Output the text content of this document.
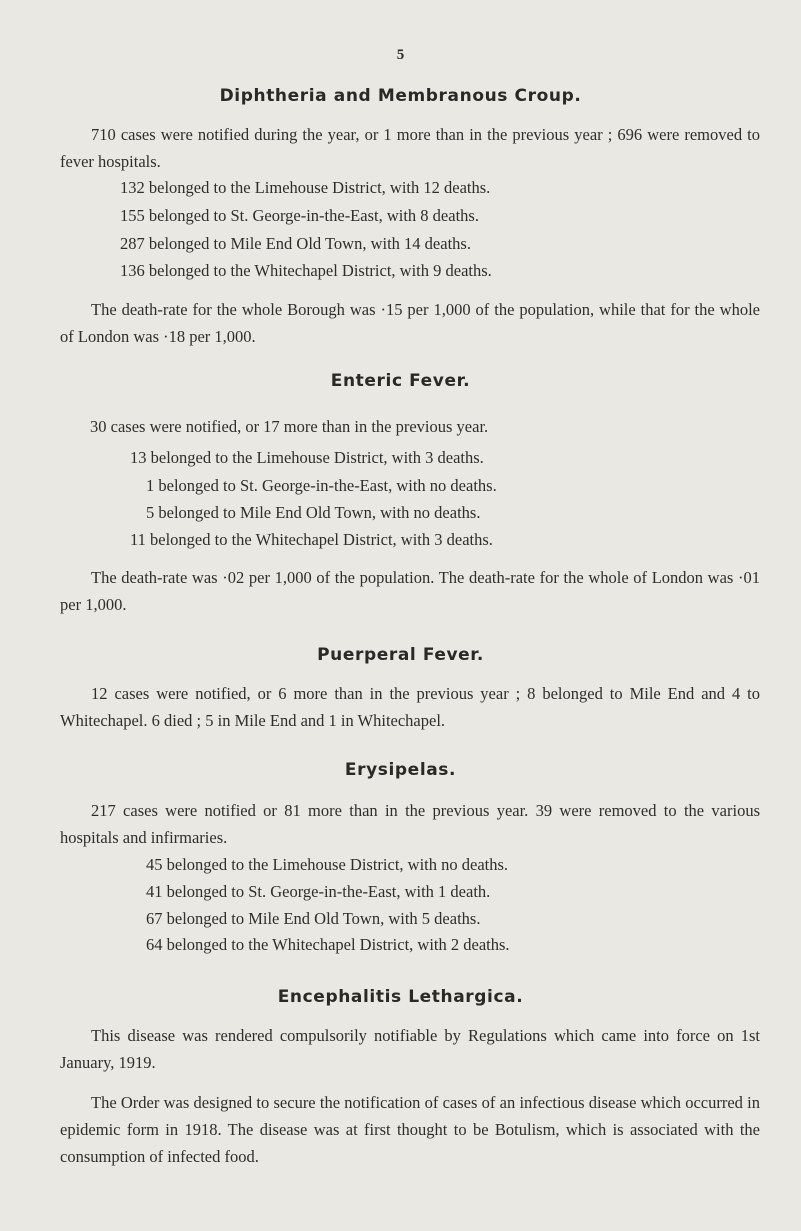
5
Diphtheria and Membranous Croup.
710 cases were notified during the year, or 1 more than in the previous year ; 696 were removed to fever hospitals.
132 belonged to the Limehouse District, with 12 deaths.
155 belonged to St. George-in-the-East, with 8 deaths.
287 belonged to Mile End Old Town, with 14 deaths.
136 belonged to the Whitechapel District, with 9 deaths.
The death-rate for the whole Borough was ·15 per 1,000 of the population, while that for the whole of London was ·18 per 1,000.
Enteric Fever.
30 cases were notified, or 17 more than in the previous year.
13 belonged to the Limehouse District, with 3 deaths.
1 belonged to St. George-in-the-East, with no deaths.
5 belonged to Mile End Old Town, with no deaths.
11 belonged to the Whitechapel District, with 3 deaths.
The death-rate was ·02 per 1,000 of the population. The death-rate for the whole of London was ·01 per 1,000.
Puerperal Fever.
12 cases were notified, or 6 more than in the previous year ; 8 belonged to Mile End and 4 to Whitechapel. 6 died ; 5 in Mile End and 1 in Whitechapel.
Erysipelas.
217 cases were notified or 81 more than in the previous year. 39 were removed to the various hospitals and infirmaries.
45 belonged to the Limehouse District, with no deaths.
41 belonged to St. George-in-the-East, with 1 death.
67 belonged to Mile End Old Town, with 5 deaths.
64 belonged to the Whitechapel District, with 2 deaths.
Encephalitis Lethargica.
This disease was rendered compulsorily notifiable by Regulations which came into force on 1st January, 1919.
The Order was designed to secure the notification of cases of an infectious disease which occurred in epidemic form in 1918. The disease was at first thought to be Botulism, which is associated with the consumption of infected food.
